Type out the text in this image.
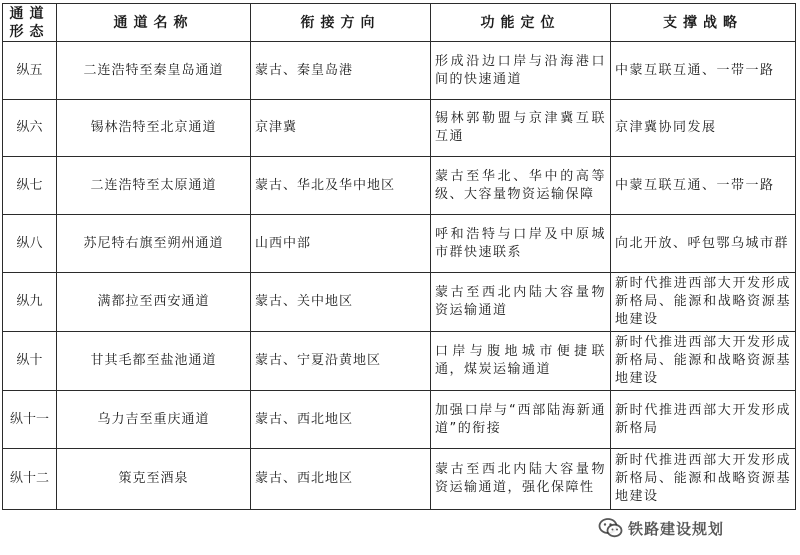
通道形态	通道名称	衔接方向	功能定位	支撑战略
纵五	二连浩特至秦皇岛通道	蒙古、秦皇岛港	形成沿边口岸与沿海港口间的快速通道	中蒙互联互通、一带一路
纵六	锡林浩特至北京通道	京津冀	锡林郭勒盟与京津冀互联互通	京津冀协同发展
纵七	二连浩特至太原通道	蒙古、华北及华中地区	蒙古至华北、华中的高等级、大容量物资运输保障	中蒙互联互通、一带一路
纵八	苏尼特右旗至朔州通道	山西中部	呼和浩特与口岸及中原城市群快速联系	向北开放、呼包鄂乌城市群
纵九	满都拉至西安通道	蒙古、关中地区	蒙古至西北内陆大容量物资运输通道	新时代推进西部大开发形成新格局、能源和战略资源基地建设
纵十	甘其毛都至盐池通道	蒙古、宁夏沿黄地区	口岸与腹地城市便捷联通，煤炭运输通道	新时代推进西部大开发形成新格局、能源和战略资源基地建设
纵十一	乌力吉至重庆通道	蒙古、西北地区	加强口岸与“西部陆海新通道”的衔接	新时代推进西部大开发形成新格局
纵十二	策克至酒泉	蒙古、西北地区	蒙古至西北内陆大容量物资运输通道，强化保障性	新时代推进西部大开发形成新格局、能源和战略资源基地建设
铁路建设规划
